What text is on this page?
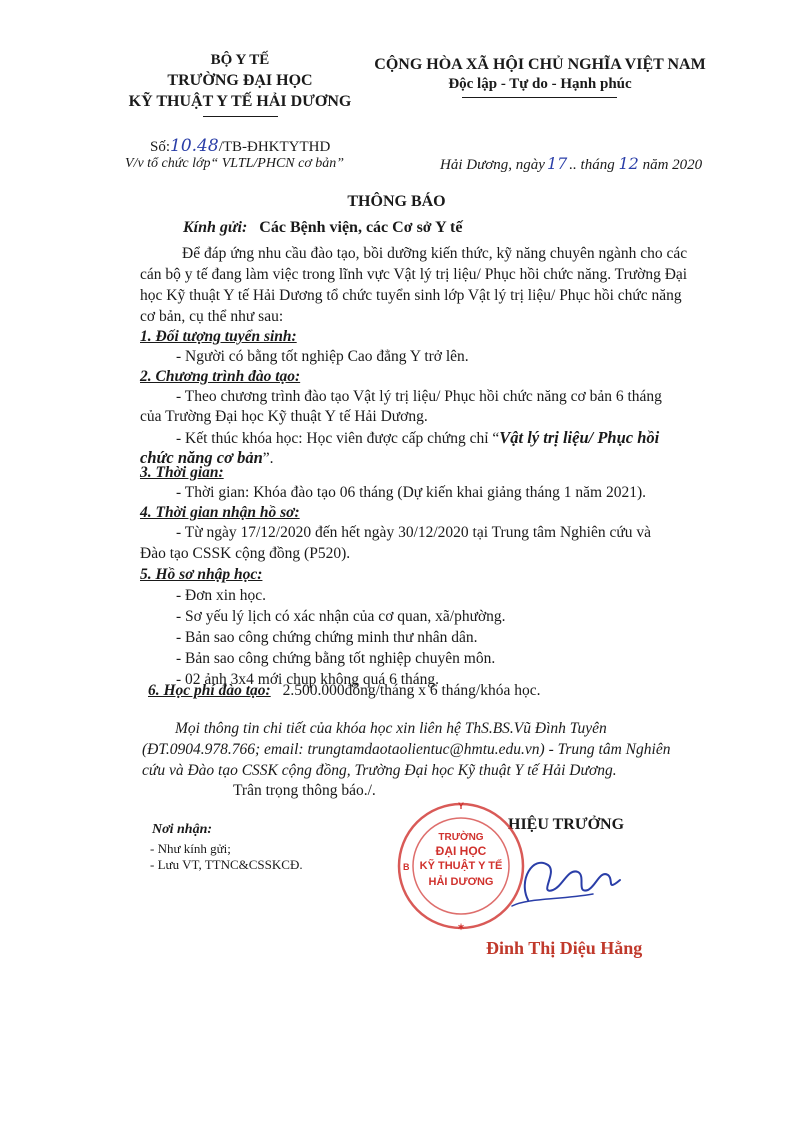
BỘ Y TẾ
TRƯỜNG ĐẠI HỌC
KỸ THUẬT Y TẾ HẢI DƯƠNG
CỘNG HÒA XÃ HỘI CHỦ NGHĨA VIỆT NAM
Độc lập - Tự do - Hạnh phúc
Số:10.48/TB-ĐHKTYTHD
V/v tổ chức lớp“ VLTL/PHCN cơ bản”	Hải Dương, ngày 17 .. tháng 12 năm 2020
THÔNG BÁO
Kính gửi: Các Bệnh viện, các Cơ sở Y tế
Để đáp ứng nhu cầu đào tạo, bồi dưỡng kiến thức, kỹ năng chuyên ngành cho các
cán bộ y tế đang làm việc trong lĩnh vực Vật lý trị liệu/ Phục hồi chức năng. Trường Đại
học Kỹ thuật Y tế Hải Dương tổ chức tuyển sinh lớp Vật lý trị liệu/ Phục hồi chức năng
cơ bản, cụ thể như sau:
1. Đối tượng tuyển sinh:
- Người có bằng tốt nghiệp Cao đẳng Y trở lên.
2. Chương trình đào tạo:
- Theo chương trình đào tạo Vật lý trị liệu/ Phục hồi chức năng cơ bản 6 tháng
của Trường Đại học Kỹ thuật Y tế Hải Dương.
- Kết thúc khóa học: Học viên được cấp chứng chỉ “Vật lý trị liệu/ Phục hồi
chức năng cơ bản”.
3. Thời gian:
- Thời gian: Khóa đào tạo 06 tháng (Dự kiến khai giảng tháng 1 năm 2021).
4. Thời gian nhận hồ sơ:
- Từ ngày 17/12/2020 đến hết ngày 30/12/2020 tại Trung tâm Nghiên cứu và
Đào tạo CSSK cộng đồng (P520).
5. Hồ sơ nhập học:
- Đơn xin học.
- Sơ yếu lý lịch có xác nhận của cơ quan, xã/phường.
- Bản sao công chứng chứng minh thư nhân dân.
- Bản sao công chứng bằng tốt nghiệp chuyên môn.
- 02 ảnh 3x4 mới chụp không quá 6 tháng.
6. Học phí đào tạo: 2.500.000đồng/tháng x 6 tháng/khóa học.
Mọi thông tin chi tiết của khóa học xin liên hệ ThS.BS.Vũ Đình Tuyên
(ĐT.0904.978.766; email: trungtamdaotaolientuc@hmtu.edu.vn) - Trung tâm Nghiên
cứu và Đào tạo CSSK cộng đồng, Trường Đại học Kỹ thuật Y tế Hải Dương.
Trân trọng thông báo./.
Nơi nhận:
- Như kính gửi;
- Lưu VT, TTNC&CSSKCĐ.
HIỆU TRƯỞNG
Y
✶
B
TRƯỜNG
ĐẠI HỌC
KỸ THUẬT Y TẾ
HẢI DƯƠNG
Đinh Thị Diệu Hằng
